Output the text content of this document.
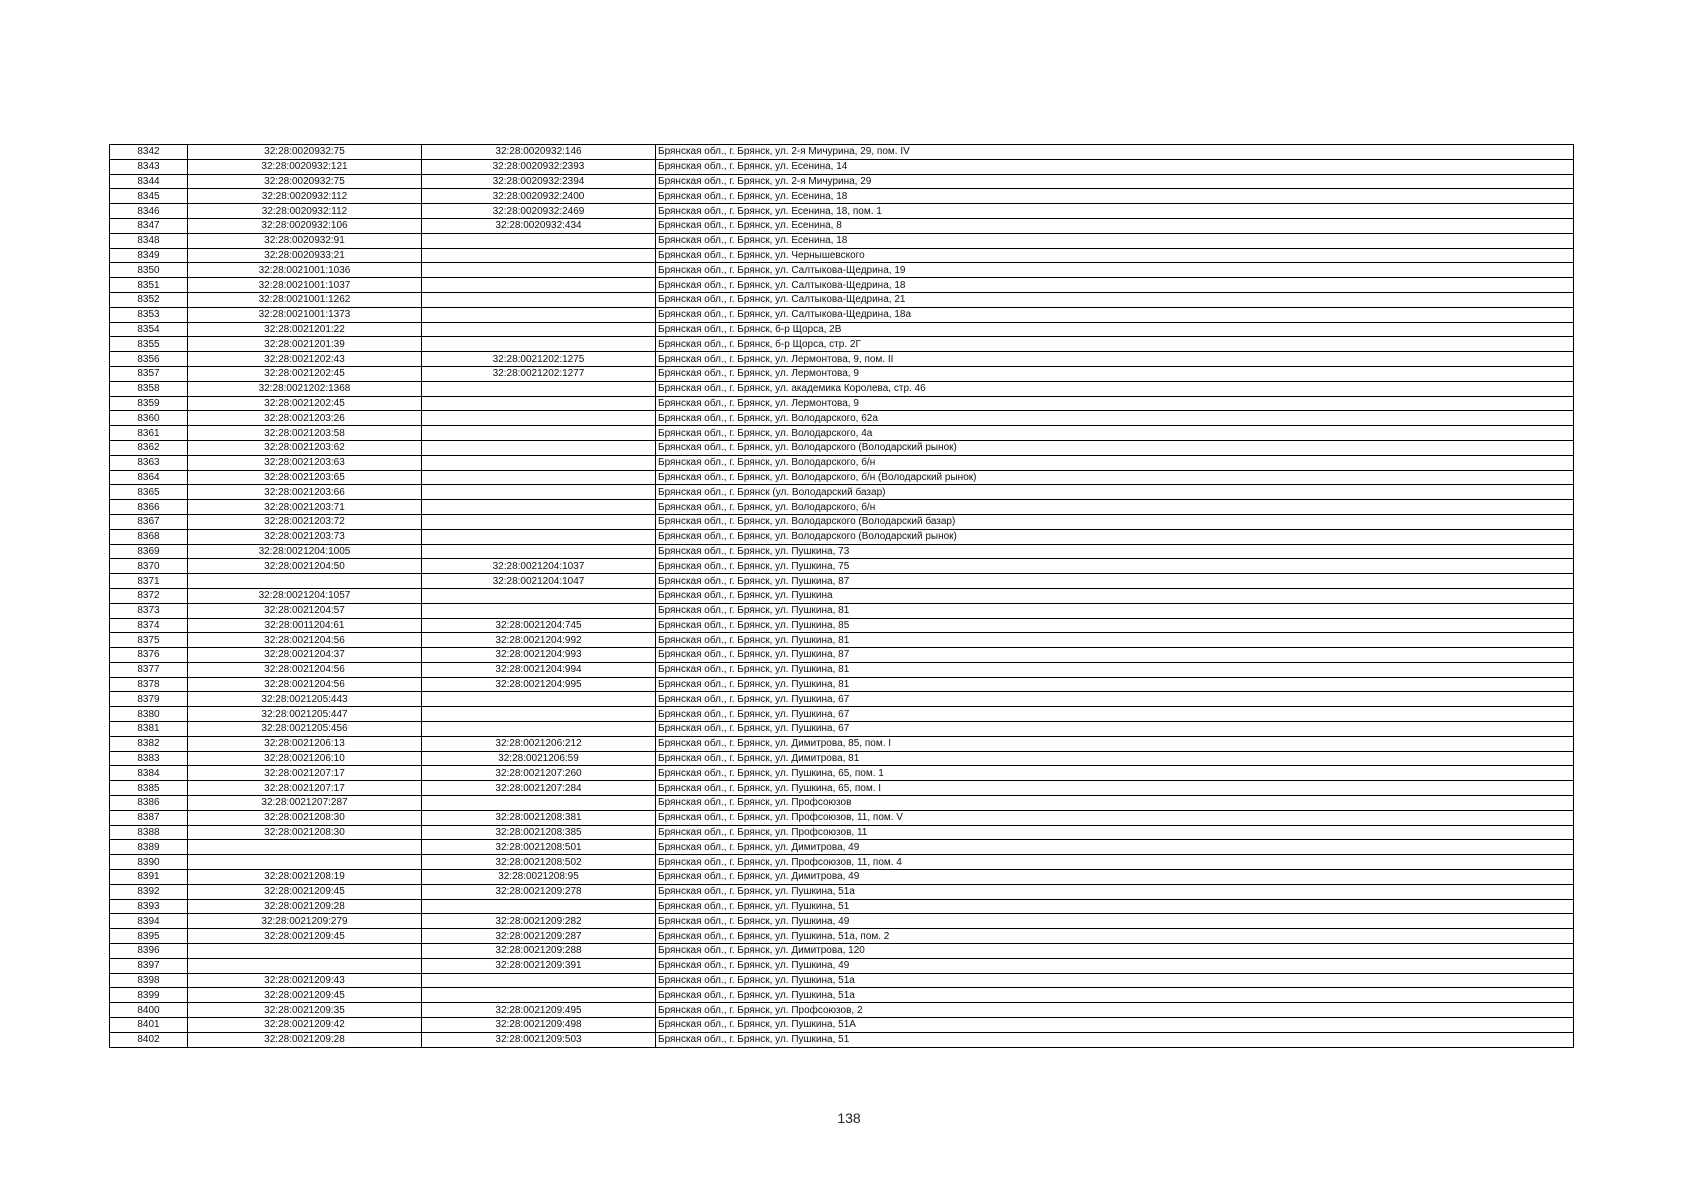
8342	32:28:0020932:75	32:28:0020932:146	Брянская обл., г. Брянск, ул. 2-я Мичурина, 29, пом. IV
8343	32:28:0020932:121	32:28:0020932:2393	Брянская обл., г. Брянск, ул. Есенина, 14
8344	32:28:0020932:75	32:28:0020932:2394	Брянская обл., г. Брянск, ул. 2-я Мичурина, 29
8345	32:28:0020932:112	32:28:0020932:2400	Брянская обл., г. Брянск, ул. Есенина, 18
8346	32:28:0020932:112	32:28:0020932:2469	Брянская обл., г. Брянск, ул. Есенина, 18, пом. 1
8347	32:28:0020932:106	32:28:0020932:434	Брянская обл., г. Брянск, ул. Есенина, 8
8348	32:28:0020932:91		Брянская обл., г. Брянск, ул. Есенина, 18
8349	32:28:0020933:21		Брянская обл., г. Брянск, ул. Чернышевского
8350	32:28:0021001:1036		Брянская обл., г. Брянск, ул. Салтыкова-Щедрина, 19
8351	32:28:0021001:1037		Брянская обл., г. Брянск, ул. Салтыкова-Щедрина, 18
8352	32:28:0021001:1262		Брянская обл., г. Брянск, ул. Салтыкова-Щедрина, 21
8353	32:28:0021001:1373		Брянская обл., г. Брянск, ул. Салтыкова-Щедрина, 18а
8354	32:28:0021201:22		Брянская обл., г. Брянск, б-р Щорса, 2В
8355	32:28:0021201:39		Брянская обл., г. Брянск, б-р Щорса, стр. 2Г
8356	32:28:0021202:43	32:28:0021202:1275	Брянская обл., г. Брянск, ул. Лермонтова, 9, пом. II
8357	32:28:0021202:45	32:28:0021202:1277	Брянская обл., г. Брянск, ул. Лермонтова, 9
8358	32:28:0021202:1368		Брянская обл., г. Брянск, ул. академика Королева, стр. 46
8359	32:28:0021202:45		Брянская обл., г. Брянск, ул. Лермонтова, 9
8360	32:28:0021203:26		Брянская обл., г. Брянск, ул. Володарского, 62а
8361	32:28:0021203:58		Брянская обл., г. Брянск, ул. Володарского, 4а
8362	32:28:0021203:62		Брянская обл., г. Брянск, ул. Володарского (Володарский рынок)
8363	32:28:0021203:63		Брянская обл., г. Брянск, ул. Володарского, б/н
8364	32:28:0021203:65		Брянская обл., г. Брянск, ул. Володарского, б/н (Володарский рынок)
8365	32:28:0021203:66		Брянская обл., г. Брянск (ул. Володарский базар)
8366	32:28:0021203:71		Брянская обл., г. Брянск, ул. Володарского, б/н
8367	32:28:0021203:72		Брянская обл., г. Брянск, ул. Володарского (Володарский базар)
8368	32:28:0021203:73		Брянская обл., г. Брянск, ул. Володарского (Володарский рынок)
8369	32:28:0021204:1005		Брянская обл., г. Брянск, ул. Пушкина, 73
8370	32:28:0021204:50	32:28:0021204:1037	Брянская обл., г. Брянск, ул. Пушкина, 75
8371		32:28:0021204:1047	Брянская обл., г. Брянск, ул. Пушкина, 87
8372	32:28:0021204:1057		Брянская обл., г. Брянск, ул. Пушкина
8373	32:28:0021204:57		Брянская обл., г. Брянск, ул. Пушкина, 81
8374	32:28:0011204:61	32:28:0021204:745	Брянская обл., г. Брянск, ул. Пушкина, 85
8375	32:28:0021204:56	32:28:0021204:992	Брянская обл., г. Брянск, ул. Пушкина, 81
8376	32:28:0021204:37	32:28:0021204:993	Брянская обл., г. Брянск, ул. Пушкина, 87
8377	32:28:0021204:56	32:28:0021204:994	Брянская обл., г. Брянск, ул. Пушкина, 81
8378	32:28:0021204:56	32:28:0021204:995	Брянская обл., г. Брянск, ул. Пушкина, 81
8379	32:28:0021205:443		Брянская обл., г. Брянск, ул. Пушкина, 67
8380	32:28:0021205:447		Брянская обл., г. Брянск, ул. Пушкина, 67
8381	32:28:0021205:456		Брянская обл., г. Брянск, ул. Пушкина, 67
8382	32:28:0021206:13	32:28:0021206:212	Брянская обл., г. Брянск, ул. Димитрова, 85, пом. I
8383	32:28:0021206:10	32:28:0021206:59	Брянская обл., г. Брянск, ул. Димитрова, 81
8384	32:28:0021207:17	32:28:0021207:260	Брянская обл., г. Брянск, ул. Пушкина, 65, пом. 1
8385	32:28:0021207:17	32:28:0021207:284	Брянская обл., г. Брянск, ул. Пушкина, 65, пом. I
8386	32:28:0021207:287		Брянская обл., г. Брянск, ул. Профсоюзов
8387	32:28:0021208:30	32:28:0021208:381	Брянская обл., г. Брянск, ул. Профсоюзов, 11, пом. V
8388	32:28:0021208:30	32:28:0021208:385	Брянская обл., г. Брянск, ул. Профсоюзов, 11
8389		32:28:0021208:501	Брянская обл., г. Брянск, ул. Димитрова, 49
8390		32:28:0021208:502	Брянская обл., г. Брянск, ул. Профсоюзов, 11, пом. 4
8391	32:28:0021208:19	32:28:0021208:95	Брянская обл., г. Брянск, ул. Димитрова, 49
8392	32:28:0021209:45	32:28:0021209:278	Брянская обл., г. Брянск, ул. Пушкина, 51а
8393	32:28:0021209:28		Брянская обл., г. Брянск, ул. Пушкина, 51
8394	32:28:0021209:279	32:28:0021209:282	Брянская обл., г. Брянск, ул. Пушкина, 49
8395	32:28:0021209:45	32:28:0021209:287	Брянская обл., г. Брянск, ул. Пушкина, 51а, пом. 2
8396		32:28:0021209:288	Брянская обл., г. Брянск, ул. Димитрова, 120
8397		32:28:0021209:391	Брянская обл., г. Брянск, ул. Пушкина, 49
8398	32:28:0021209:43		Брянская обл., г. Брянск, ул. Пушкина, 51а
8399	32:28:0021209:45		Брянская обл., г. Брянск, ул. Пушкина, 51а
8400	32:28:0021209:35	32:28:0021209:495	Брянская обл., г. Брянск, ул. Профсоюзов, 2
8401	32:28:0021209:42	32:28:0021209:498	Брянская обл., г. Брянск, ул. Пушкина, 51А
8402	32:28:0021209:28	32:28:0021209:503	Брянская обл., г. Брянск, ул. Пушкина, 51
138
